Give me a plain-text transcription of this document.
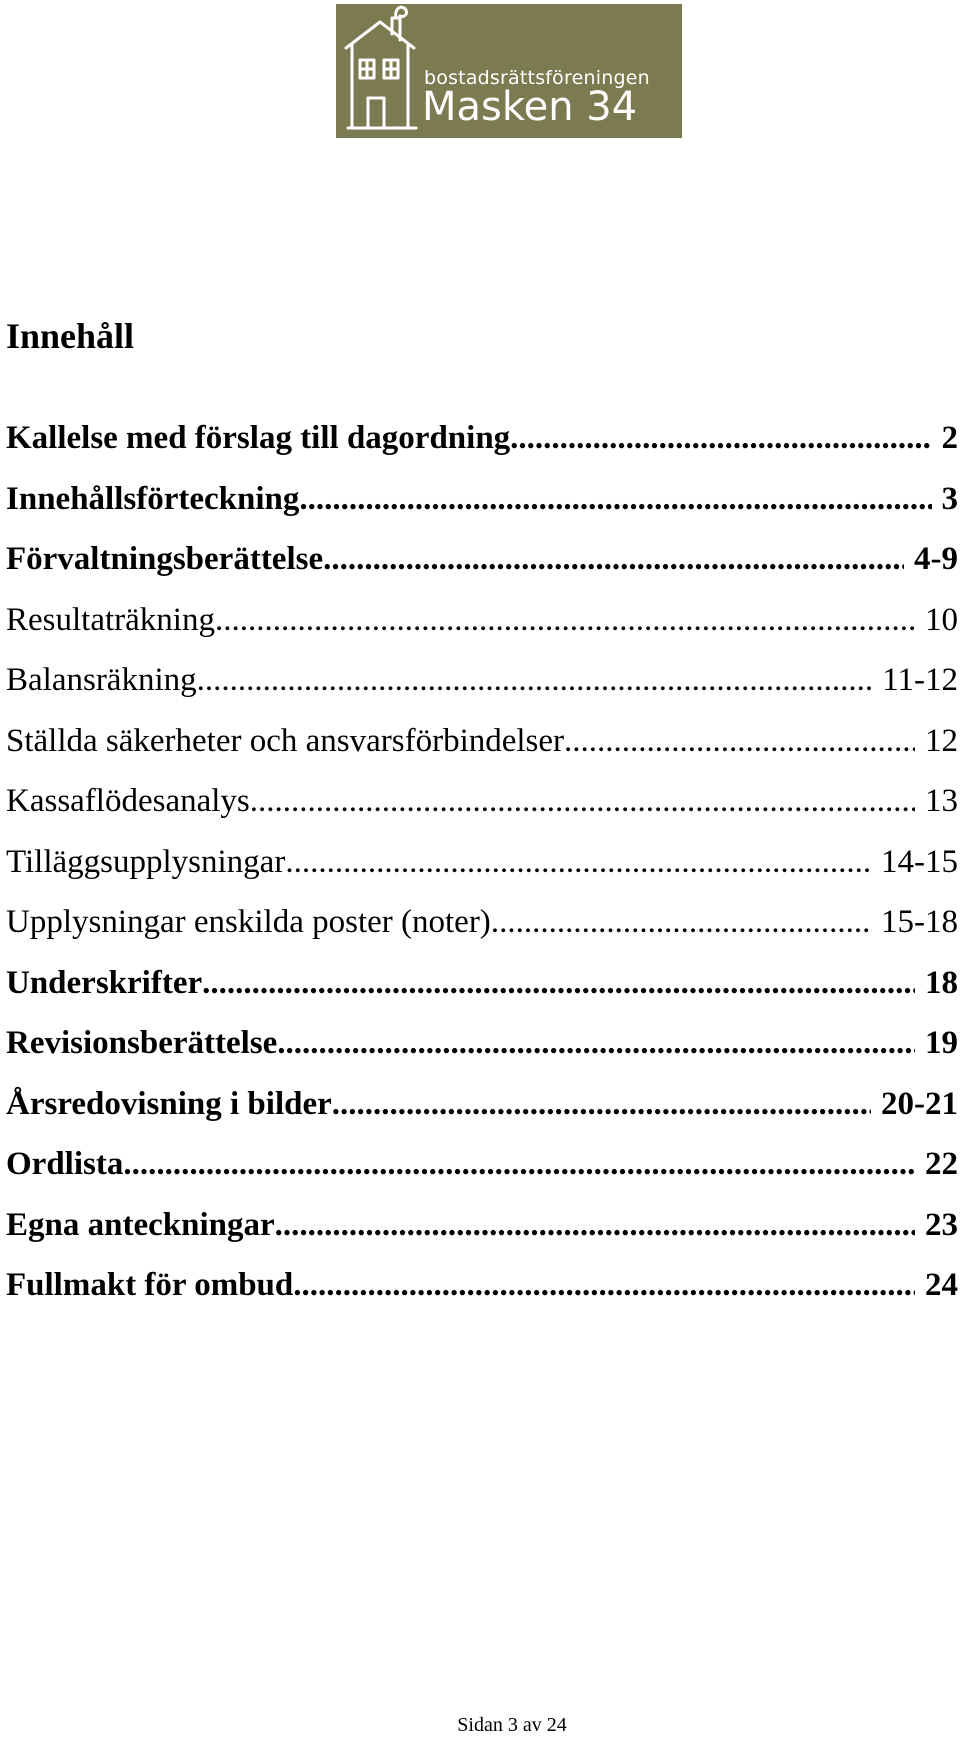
bostadsrättsföreningen
Masken 34
Innehåll
Kallelse med förslag till dagordning .....	2
Innehållsförteckning .....	3
Förvaltningsberättelse .....	4-9
Resultaträkning .....	10
Balansräkning .....	11-12
Ställda säkerheter och ansvarsförbindelser .....	12
Kassaflödesanalys .....	13
Tilläggsupplysningar .....	14-15
Upplysningar enskilda poster (noter) .....	15-18
Underskrifter .....	18
Revisionsberättelse .....	19
Årsredovisning i bilder .....	20-21
Ordlista .....	22
Egna anteckningar .....	23
Fullmakt för ombud .....	24
Sidan 3 av 24
